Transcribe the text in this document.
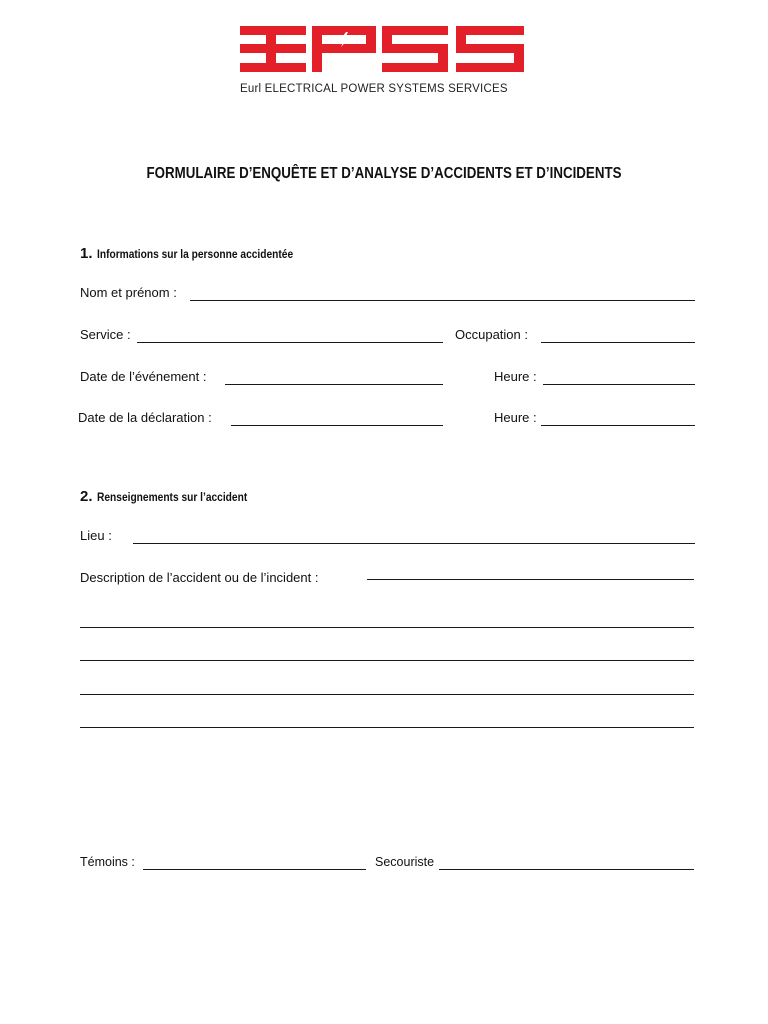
Eurl ELECTRICAL POWER SYSTEMS SERVICES
FORMULAIRE D’ENQUÊTE ET D’ANALYSE D’ACCIDENTS ET D’INCIDENTS
1. Informations sur la personne accidentée
Nom et prénom :
Service :	Occupation :
Date de l’événement :	Heure :
Date de la déclaration :	Heure :
2. Renseignements sur l’accident
Lieu :
Description de l’accident ou de l’incident :
Témoins :	Secouriste
